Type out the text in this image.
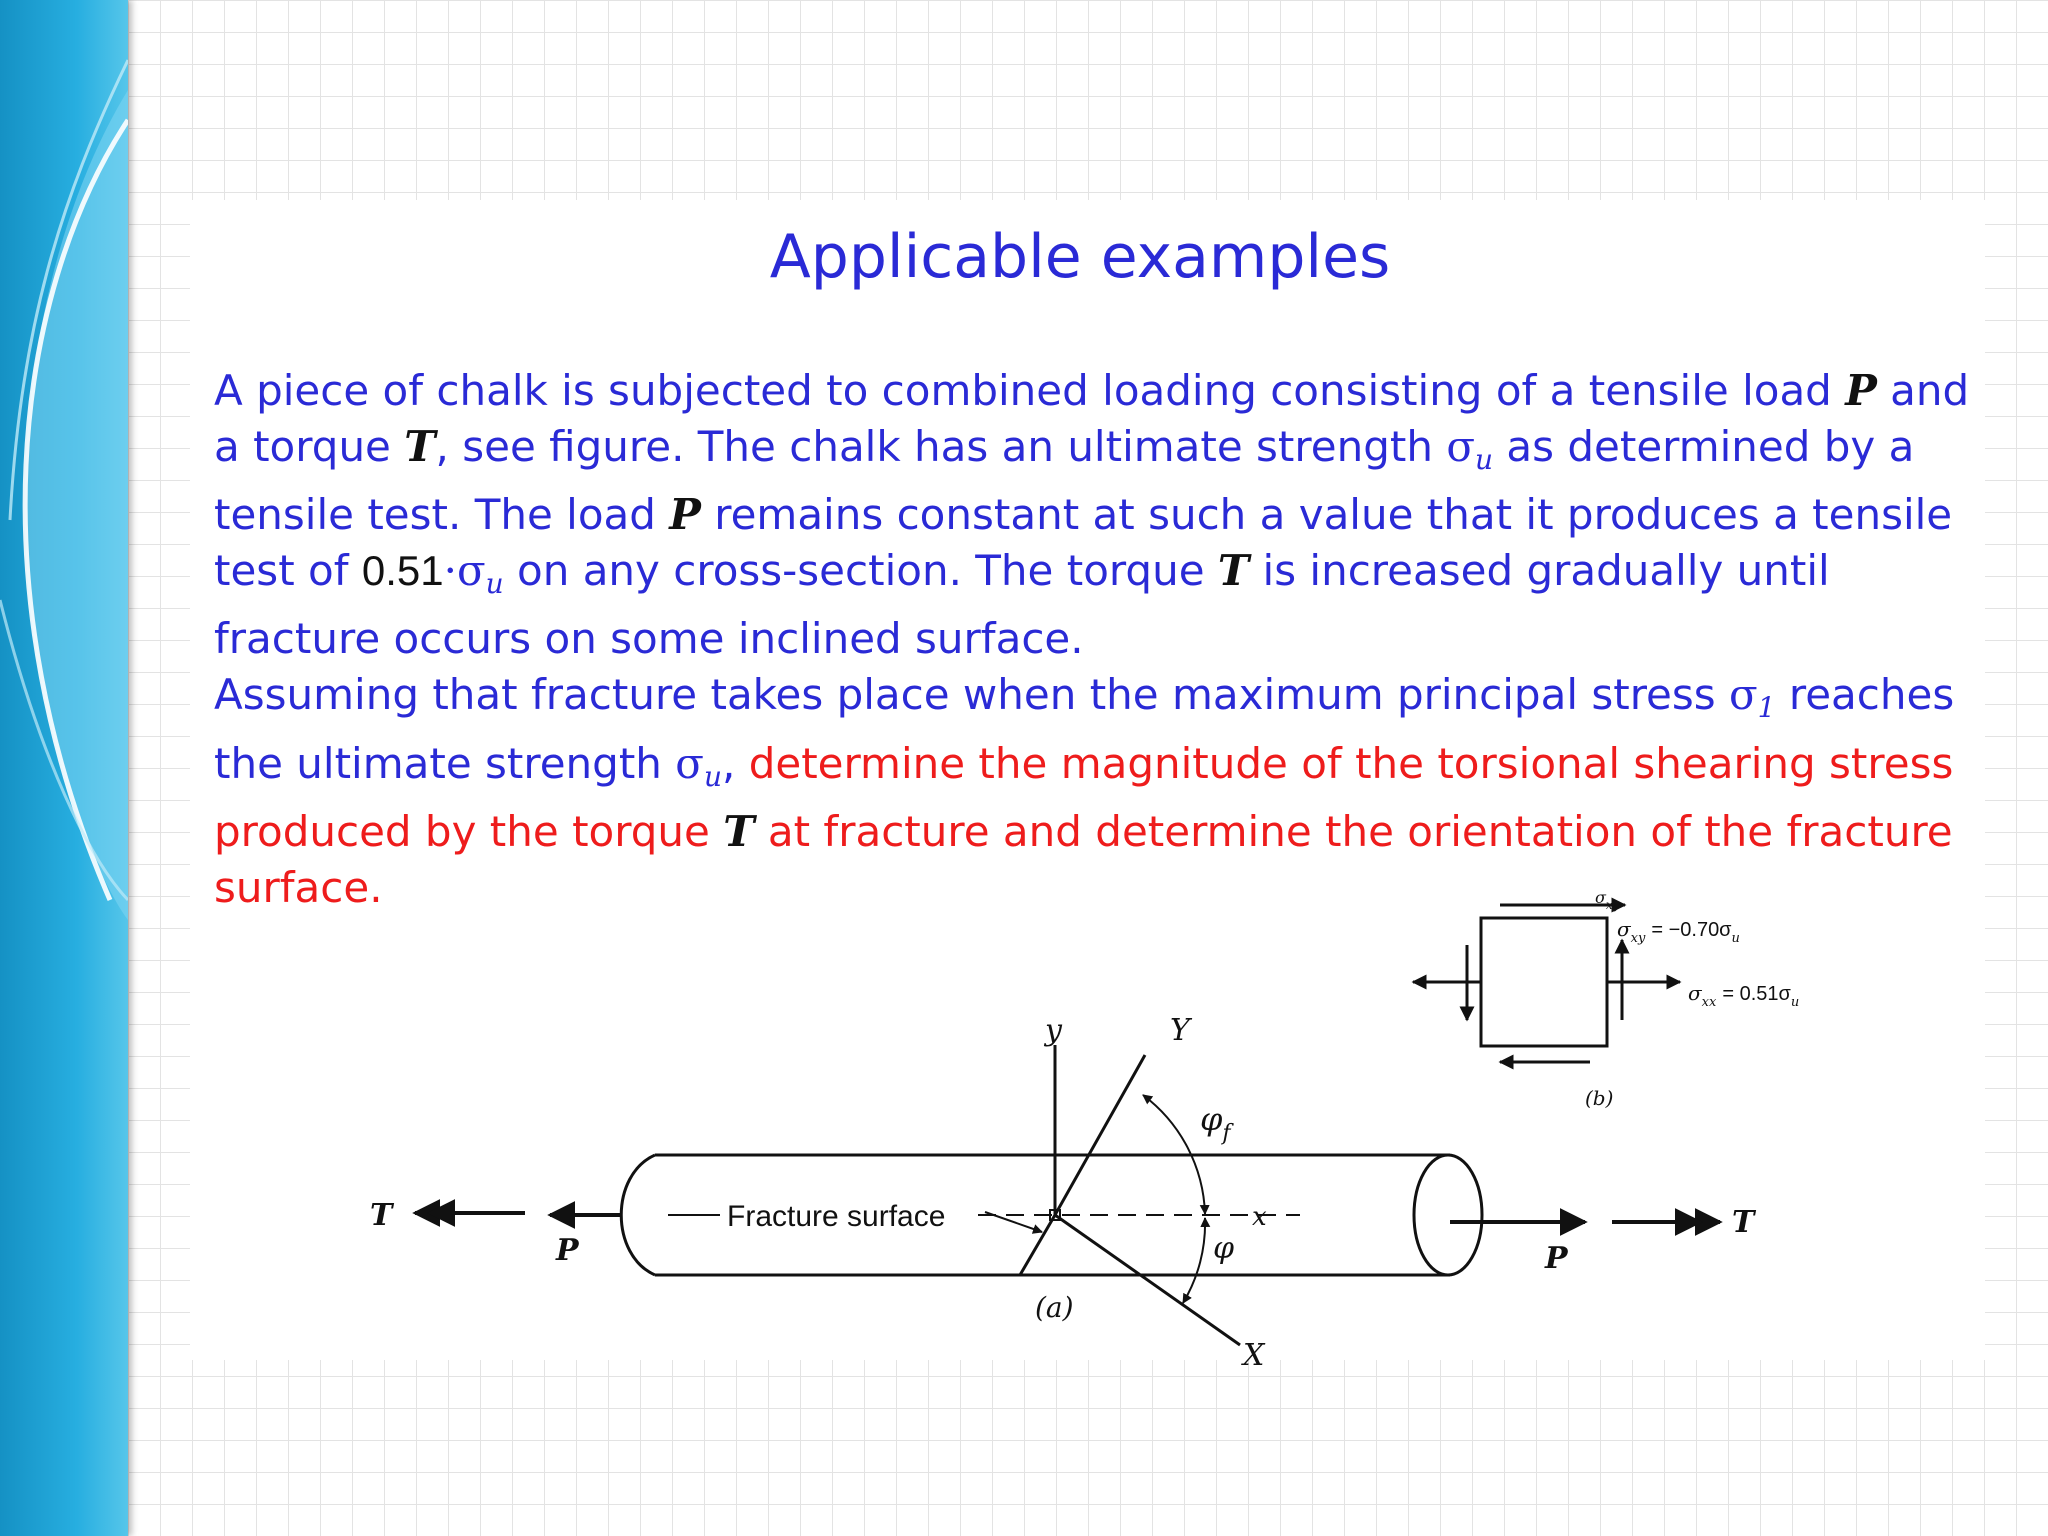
Applicable examples

A piece of chalk is subjected to combined loading consisting of a tensile load P and a torque T, see figure. The chalk has an ultimate strength $\sigma_u$ as determined by a tensile test. The load P remains constant at such a value that it produces a tensile test of $0.51\cdot\sigma_u$ on any cross-section. The torque T is increased gradually until fracture occurs on some inclined surface.

Assuming that fracture takes place when the maximum principal stress $\sigma_1$ reaches the ultimate strength $\sigma_u$, determine the magnitude of the torsional shearing stress produced by the torque T at fracture and determine the orientation of the fracture surface.

y	Y
X
$\varphi_f$
φ
x
Fracture surface
T
P	P
T
(a)
$\sigma_{xy}$
$\sigma_{xy} = -0.70\sigma_u$
$\sigma_{xx} = 0.51\sigma_u$
(b)
